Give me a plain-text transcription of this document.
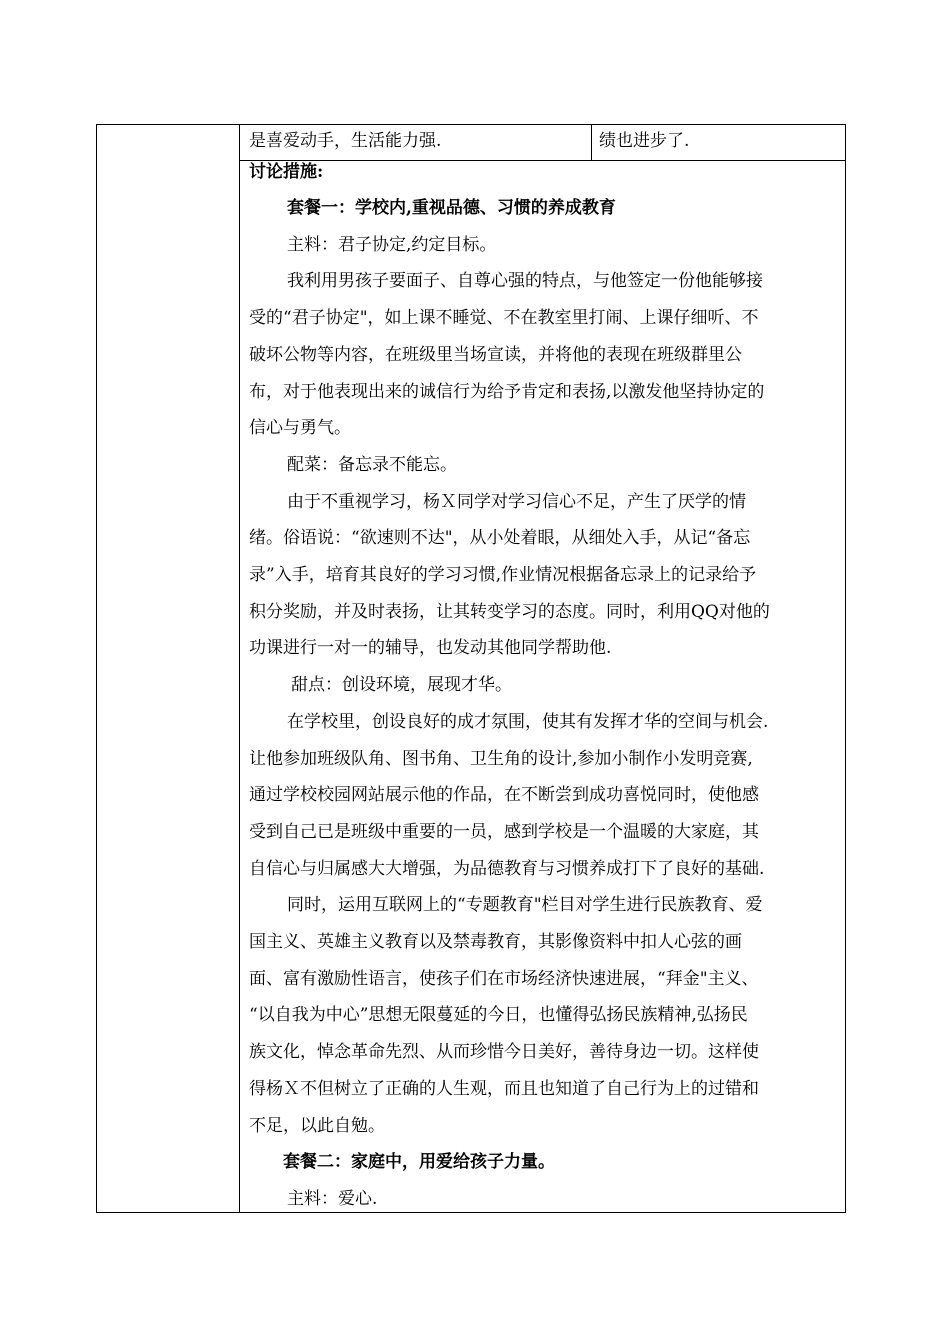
是喜爱动手，生活能力强.	绩也进步了.
讨论措施:
套餐一：学校内,重视品德、习惯的养成教育
主料：君子协定,约定目标。
我利用男孩子要面子、自尊心强的特点，与他签定一份他能够接
受的“君子协定"，如上课不睡觉、不在教室里打闹、上课仔细听、不
破坏公物等内容，在班级里当场宣读，并将他的表现在班级群里公
布，对于他表现出来的诚信行为给予肯定和表扬,以激发他坚持协定的
信心与勇气。
配菜：备忘录不能忘。
由于不重视学习，杨Ｘ同学对学习信心不足，产生了厌学的情
绪。俗语说：“欲速则不达"，从小处着眼，从细处入手，从记“备忘
录”入手，培育其良好的学习习惯,作业情况根据备忘录上的记录给予
积分奖励，并及时表扬，让其转变学习的态度。同时，利用QQ对他的
功课进行一对一的辅导，也发动其他同学帮助他.
甜点：创设环境，展现才华。
在学校里，创设良好的成才氛围，使其有发挥才华的空间与机会.
让他参加班级队角、图书角、卫生角的设计,参加小制作小发明竞赛,
通过学校校园网站展示他的作品，在不断尝到成功喜悦同时，使他感
受到自己已是班级中重要的一员，感到学校是一个温暖的大家庭，其
自信心与归属感大大增强，为品德教育与习惯养成打下了良好的基础.
同时，运用互联网上的“专题教育"栏目对学生进行民族教育、爱
国主义、英雄主义教育以及禁毒教育，其影像资料中扣人心弦的画
面、富有激励性语言，使孩子们在市场经济快速进展，“拜金"主义、
“以自我为中心”思想无限蔓延的今日，也懂得弘扬民族精神,弘扬民
族文化，悼念革命先烈、从而珍惜今日美好，善待身边一切。这样使
得杨Ｘ不但树立了正确的人生观，而且也知道了自己行为上的过错和
不足，以此自勉。
套餐二：家庭中，用爱给孩子力量。
主料：爱心.
